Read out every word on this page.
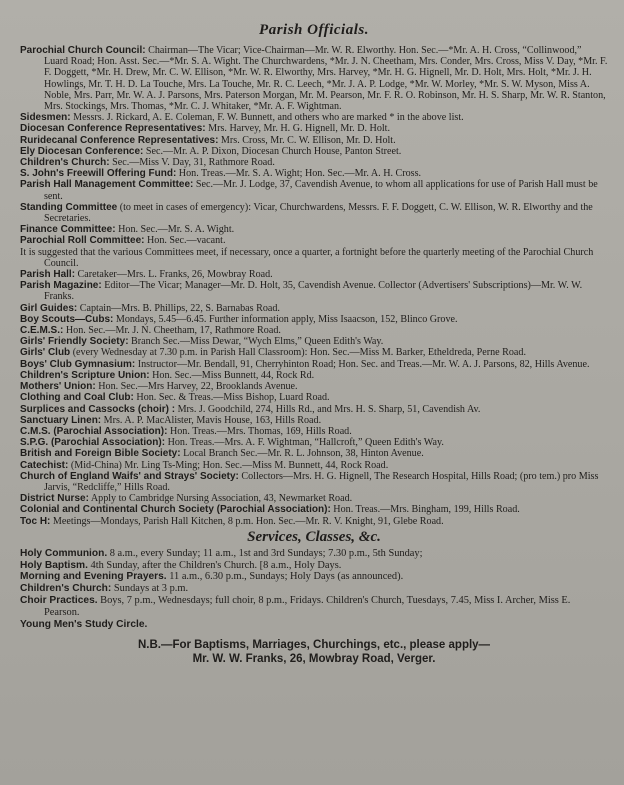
Parish Officials.

Parochial Church Council: Chairman—The Vicar; Vice-Chairman—Mr. W. R. Elworthy. Hon. Sec.—*Mr. A. H. Cross, “Collinwood,” Luard Road; Hon. Asst. Sec.—*Mr. S. A. Wight. The Churchwardens, *Mr. J. N. Cheetham, Mrs. Conder, Mrs. Cross, Miss V. Day, *Mr. F. F. Doggett, *Mr. H. Drew, Mr. C. W. Ellison, *Mr. W. R. Elworthy, Mrs. Harvey, *Mr. H. G. Hignell, Mr. D. Holt, Mrs. Holt, *Mr. J. H. Howlings, Mr. T. H. D. La Touche, Mrs. La Touche, Mr. R. C. Leech, *Mr. J. A. P. Lodge, *Mr. W. Morley, *Mr. S. W. Myson, Miss A. Noble, Mrs. Parr, Mr. W. A. J. Parsons, Mrs. Paterson Morgan, Mr. M. Pearson, Mr. F. R. O. Robinson, Mr. H. S. Sharp, Mr. W. R. Stanton, Mrs. Stockings, Mrs. Thomas, *Mr. C. J. Whitaker, *Mr. A. F. Wightman.

Sidesmen: Messrs. J. Rickard, A. E. Coleman, F. W. Bunnett, and others who are marked * in the above list.

Diocesan Conference Representatives: Mrs. Harvey, Mr. H. G. Hignell, Mr. D. Holt.

Ruridecanal Conference Representatives: Mrs. Cross, Mr. C. W. Ellison, Mr. D. Holt.

Ely Diocesan Conference: Sec.—Mr. A. P. Dixon, Diocesan Church House, Panton Street.

Children's Church: Sec.—Miss V. Day, 31, Rathmore Road.

S. John's Freewill Offering Fund: Hon. Treas.—Mr. S. A. Wight; Hon. Sec.—Mr. A. H. Cross.

Parish Hall Management Committee: Sec.—Mr. J. Lodge, 37, Cavendish Avenue, to whom all applications for use of Parish Hall must be sent.

Standing Committee (to meet in cases of emergency): Vicar, Churchwardens, Messrs. F. F. Doggett, C. W. Ellison, W. R. Elworthy and the Secretaries.

Finance Committee: Hon. Sec.—Mr. S. A. Wight.

Parochial Roll Committee: Hon. Sec.—vacant.

It is suggested that the various Committees meet, if necessary, once a quarter, a fortnight before the quarterly meeting of the Parochial Church Council.

Parish Hall: Caretaker—Mrs. L. Franks, 26, Mowbray Road.

Parish Magazine: Editor—The Vicar; Manager—Mr. D. Holt, 35, Cavendish Avenue. Collector (Advertisers' Subscriptions)—Mr. W. W. Franks.

Girl Guides: Captain—Mrs. B. Phillips, 22, S. Barnabas Road.

Boy Scouts—Cubs: Mondays, 5.45—6.45. Further information apply, Miss Isaacson, 152, Blinco Grove.

C.E.M.S.: Hon. Sec.—Mr. J. N. Cheetham, 17, Rathmore Road.

Girls' Friendly Society: Branch Sec.—Miss Dewar, “Wych Elms,” Queen Edith's Way.

Girls' Club (every Wednesday at 7.30 p.m. in Parish Hall Classroom): Hon. Sec.—Miss M. Barker, Etheldreda, Perne Road.

Boys' Club Gymnasium: Instructor—Mr. Bendall, 91, Cherryhinton Road; Hon. Sec. and Treas.—Mr. W. A. J. Parsons, 82, Hills Avenue.

Children's Scripture Union: Hon. Sec.—Miss Bunnett, 44, Rock Rd.

Mothers' Union: Hon. Sec.—Mrs Harvey, 22, Brooklands Avenue.

Clothing and Coal Club: Hon. Sec. & Treas.—Miss Bishop, Luard Road.

Surplices and Cassocks (choir) : Mrs. J. Goodchild, 274, Hills Rd., and Mrs. H. S. Sharp, 51, Cavendish Av.

Sanctuary Linen: Mrs. A. P. MacAlister, Mavis House, 163, Hills Road.

C.M.S. (Parochial Association): Hon. Treas.—Mrs. Thomas, 169, Hills Road.

S.P.G. (Parochial Association): Hon. Treas.—Mrs. A. F. Wightman, “Hallcroft,” Queen Edith's Way.

British and Foreign Bible Society: Local Branch Sec.—Mr. R. L. Johnson, 38, Hinton Avenue.

Catechist: (Mid-China) Mr. Ling Ts-Ming; Hon. Sec.—Miss M. Bunnett, 44, Rock Road.

Church of England Waifs' and Strays' Society: Collectors—Mrs. H. G. Hignell, The Research Hospital, Hills Road; (pro tem.) pro Miss Jarvis, “Redcliffe,” Hills Road.

District Nurse: Apply to Cambridge Nursing Association, 43, Newmarket Road.

Colonial and Continental Church Society (Parochial Association): Hon. Treas.—Mrs. Bingham, 199, Hills Road.

Toc H: Meetings—Mondays, Parish Hall Kitchen, 8 p.m. Hon. Sec.—Mr. R. V. Knight, 91, Glebe Road.

Services, Classes, &c.

Holy Communion. 8 a.m., every Sunday; 11 a.m., 1st and 3rd Sundays; 7.30 p.m., 5th Sunday;

Holy Baptism. 4th Sunday, after the Children's Church. [8 a.m., Holy Days.

Morning and Evening Prayers. 11 a.m., 6.30 p.m., Sundays; Holy Days (as announced).

Children's Church: Sundays at 3 p.m.

Choir Practices. Boys, 7 p.m., Wednesdays; full choir, 8 p.m., Fridays. Children's Church, Tuesdays, 7.45, Miss I. Archer, Miss E. Pearson.

Young Men's Study Circle.

N.B.—For Baptisms, Marriages, Churchings, etc., please apply—
Mr. W. W. Franks, 26, Mowbray Road, Verger.
